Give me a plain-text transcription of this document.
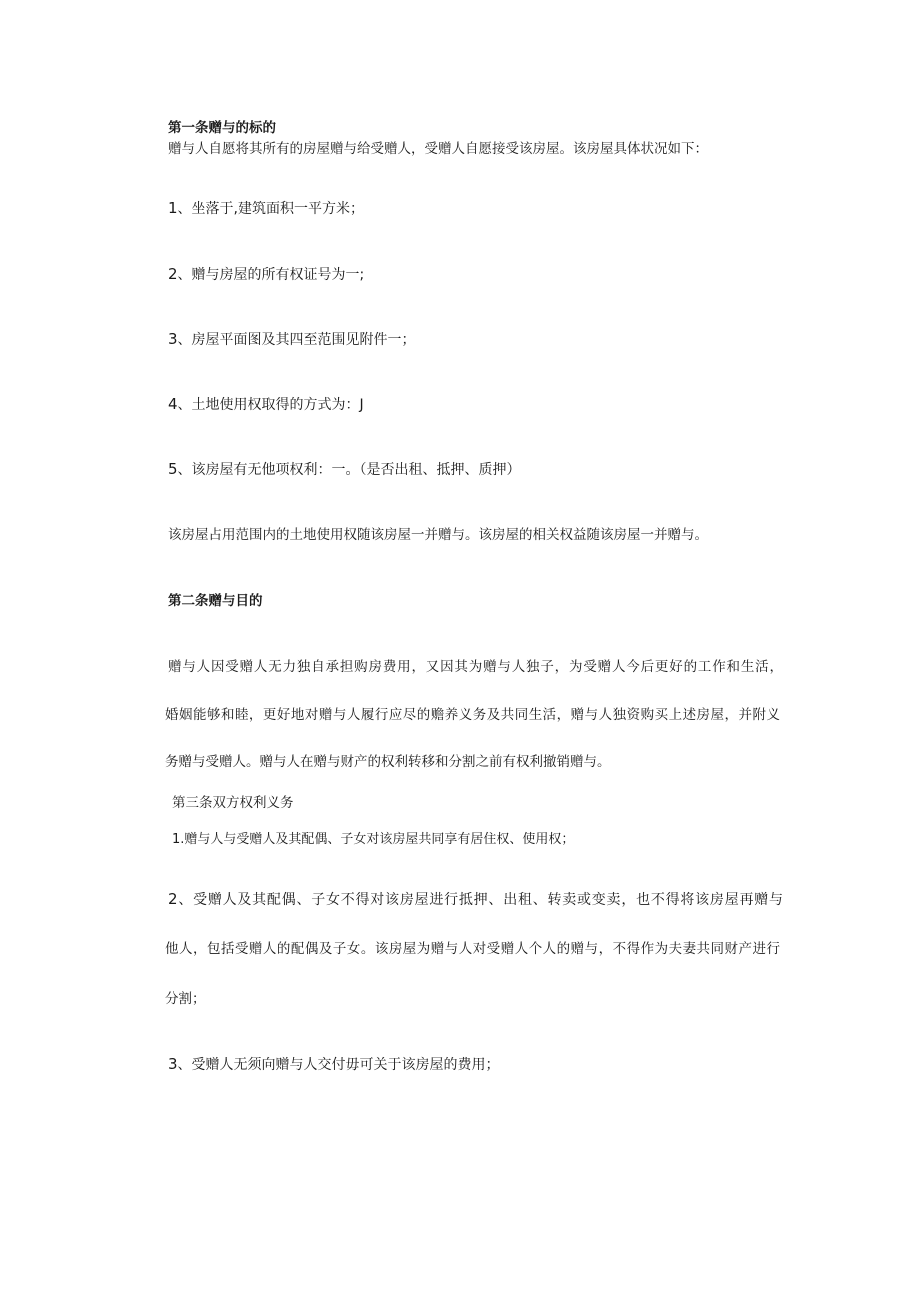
第一条赠与的标的
赠与人自愿将其所有的房屋赠与给受赠人，受赠人自愿接受该房屋。该房屋具体状况如下：
1、坐落于,建筑面积一平方米；
2、赠与房屋的所有权证号为一;
3、房屋平面图及其四至范围见附件一；
4、土地使用权取得的方式为：J
5、该房屋有无他项权利：一。（是否出租、抵押、质押）
该房屋占用范围内的土地使用权随该房屋一并赠与。该房屋的相关权益随该房屋一并赠与。
第二条赠与目的
赠与人因受赠人无力独自承担购房费用，又因其为赠与人独子，为受赠人今后更好的工作和生活，
婚姻能够和睦，更好地对赠与人履行应尽的赡养义务及共同生活，赠与人独资购买上述房屋，并附义
务赠与受赠人。赠与人在赠与财产的权利转移和分割之前有权利撤销赠与。
第三条双方权利义务
1.赠与人与受赠人及其配偶、子女对该房屋共同享有居住权、使用权；
2、受赠人及其配偶、子女不得对该房屋进行抵押、出租、转卖或变卖，也不得将该房屋再赠与
他人，包括受赠人的配偶及子女。该房屋为赠与人对受赠人个人的赠与，不得作为夫妻共同财产进行
分割；
3、受赠人无须向赠与人交付毋可关于该房屋的费用；
